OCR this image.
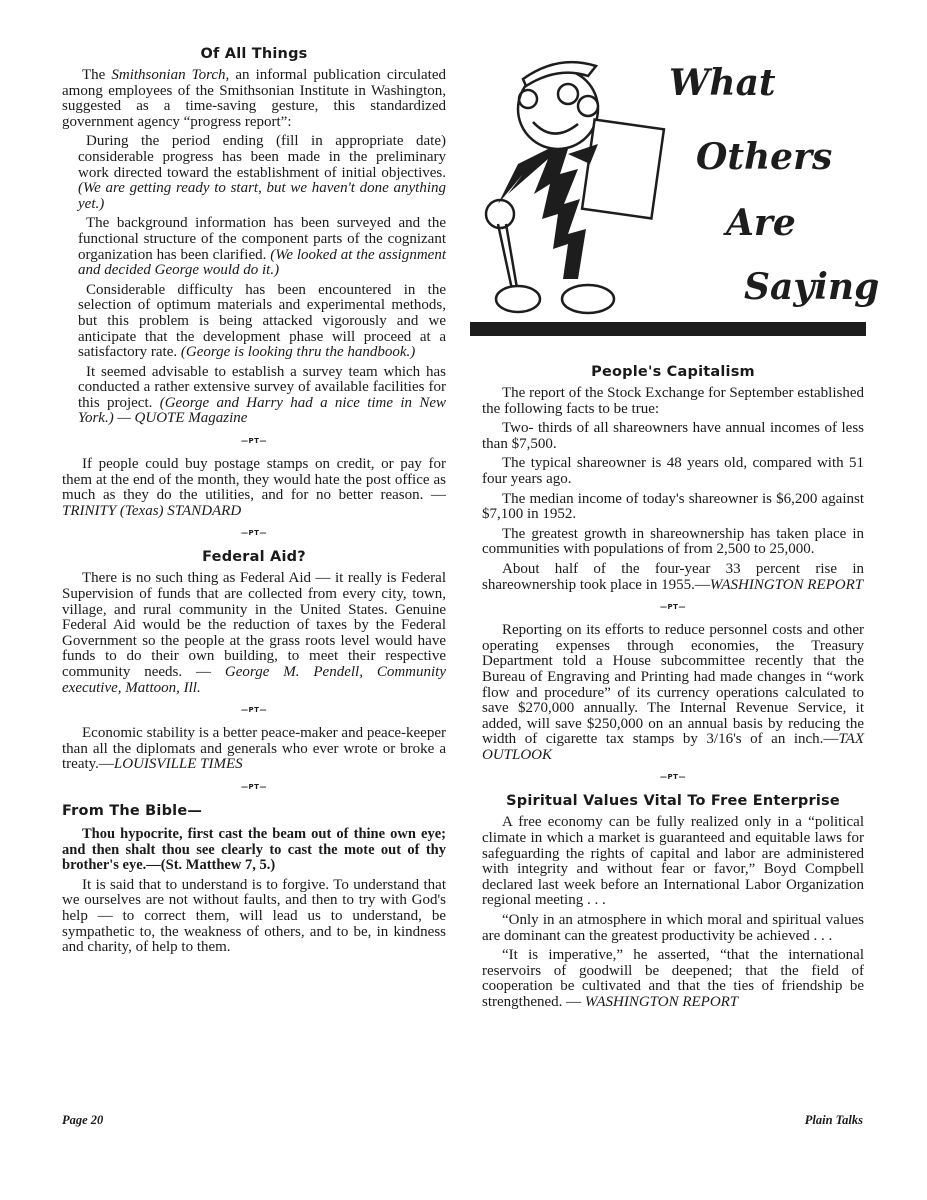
Of All Things

The Smithsonian Torch, an informal publication circulated among employees of the Smithsonian Institute in Washington, suggested as a time-saving gesture, this standardized government agency “progress report”:

During the period ending (fill in appropriate date) considerable progress has been made in the preliminary work directed toward the establishment of initial objectives. (We are getting ready to start, but we haven't done anything yet.)

The background information has been surveyed and the functional structure of the component parts of the cognizant organization has been clarified. (We looked at the assignment and decided George would do it.)

Considerable difficulty has been encountered in the selection of optimum materials and experimental methods, but this problem is being attacked vigorously and we anticipate that the development phase will proceed at a satisfactory rate. (George is looking thru the handbook.)

It seemed advisable to establish a survey team which has conducted a rather extensive survey of available facilities for this project. (George and Harry had a nice time in New York.) — QUOTE Magazine

—PT—

If people could buy postage stamps on credit, or pay for them at the end of the month, they would hate the post office as much as they do the utilities, and for no better reason. — TRINITY (Texas) STANDARD

—PT—
Federal Aid?

There is no such thing as Federal Aid — it really is Federal Supervision of funds that are collected from every city, town, village, and rural community in the United States. Genuine Federal Aid would be the reduction of taxes by the Federal Government so the people at the grass roots level would have funds to do their own building, to meet their respective community needs. — George M. Pendell, Community executive, Mattoon, Ill.

—PT—

Economic stability is a better peace-maker and peace-keeper than all the diplomats and generals who ever wrote or broke a treaty.—LOUISVILLE TIMES

—PT—
From The Bible—

Thou hypocrite, first cast the beam out of thine own eye; and then shalt thou see clearly to cast the mote out of thy brother's eye.—(St. Matthew 7, 5.)

It is said that to understand is to forgive. To understand that we ourselves are not without faults, and then to try with God's help — to correct them, will lead us to understand, be sympathetic to, the weakness of others, and to be, in kindness and charity, of help to them.

What
Others
Are
Saying
People's Capitalism

The report of the Stock Exchange for September established the following facts to be true:

Two- thirds of all shareowners have annual incomes of less than $7,500.

The typical shareowner is 48 years old, compared with 51 four years ago.

The median income of today's shareowner is $6,200 against $7,100 in 1952.

The greatest growth in shareownership has taken place in communities with populations of from 2,500 to 25,000.

About half of the four-year 33 percent rise in shareownership took place in 1955.—WASHINGTON REPORT

—PT—

Reporting on its efforts to reduce personnel costs and other operating expenses through economies, the Treasury Department told a House subcommittee recently that the Bureau of Engraving and Printing had made changes in “work flow and procedure” of its currency operations calculated to save $270,000 annually. The Internal Revenue Service, it added, will save $250,000 on an annual basis by reducing the width of cigarette tax stamps by 3/16's of an inch.—TAX OUTLOOK

—PT—
Spiritual Values Vital To Free Enterprise

A free economy can be fully realized only in a “political climate in which a market is guaranteed and equitable laws for safeguarding the rights of capital and labor are administered with integrity and without fear or favor,” Boyd Compbell declared last week before an International Labor Organization regional meeting . . .

“Only in an atmosphere in which moral and spiritual values are dominant can the greatest productivity be achieved . . .

“It is imperative,” he asserted, “that the international reservoirs of goodwill be deepened; that the field of cooperation be cultivated and that the ties of friendship be strengthened. — WASHINGTON REPORT

Page 20	Plain Talks
